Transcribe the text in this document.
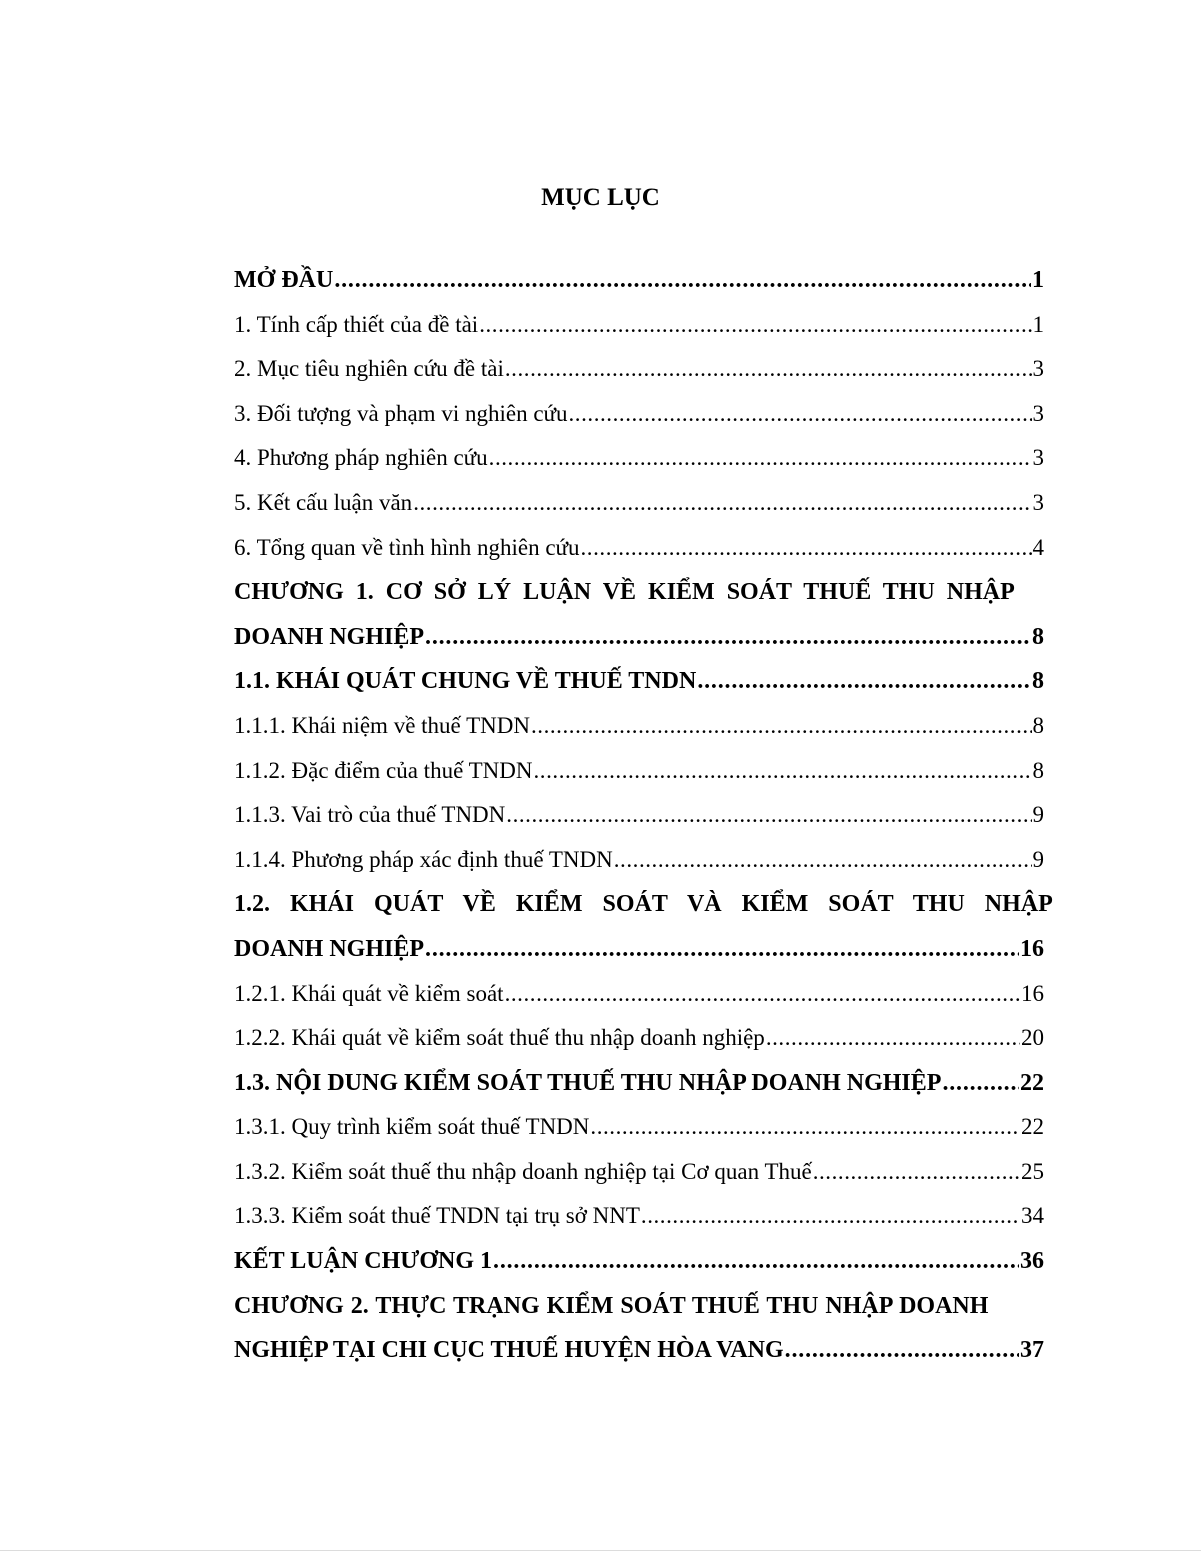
MỤC LỤC
MỞ ĐẦU . . .	1
1. Tính cấp thiết của đề tài . . .	1
2. Mục tiêu nghiên cứu đề tài . . .	3
3. Đối tượng và phạm vi nghiên cứu . . .	3
4. Phương pháp nghiên cứu . . .	3
5. Kết cấu luận văn . . .	3
6. Tổng quan về tình hình nghiên cứu . . .	4
CHƯƠNG 1. CƠ SỞ LÝ LUẬN VỀ KIỂM SOÁT THUẾ THU NHẬP
DOANH NGHIỆP . . .	8
1.1. KHÁI QUÁT CHUNG VỀ THUẾ TNDN . . .	8
1.1.1. Khái niệm về thuế TNDN . . .	8
1.1.2. Đặc điểm của thuế TNDN . . .	8
1.1.3. Vai trò của thuế TNDN . . .	9
1.1.4. Phương pháp xác định thuế TNDN . . .	9
1.2. KHÁI QUÁT VỀ KIỂM SOÁT VÀ KIỂM SOÁT THU NHẬP
DOANH NGHIỆP . . .	16
1.2.1. Khái quát về kiểm soát . . .	16
1.2.2. Khái quát về kiểm soát thuế thu nhập doanh nghiệp . . .	20
1.3. NỘI DUNG KIỂM SOÁT THUẾ THU NHẬP DOANH NGHIỆP . . .	22
1.3.1. Quy trình kiểm soát thuế TNDN . . .	22
1.3.2. Kiểm soát thuế thu nhập doanh nghiệp tại Cơ quan Thuế . . .	25
1.3.3. Kiểm soát thuế TNDN tại trụ sở NNT . . .	34
KẾT LUẬN CHƯƠNG 1 . . .	36
CHƯƠNG 2. THỰC TRẠNG KIỂM SOÁT THUẾ THU NHẬP DOANH
NGHIỆP TẠI CHI CỤC THUẾ HUYỆN HÒA VANG . . .	37
